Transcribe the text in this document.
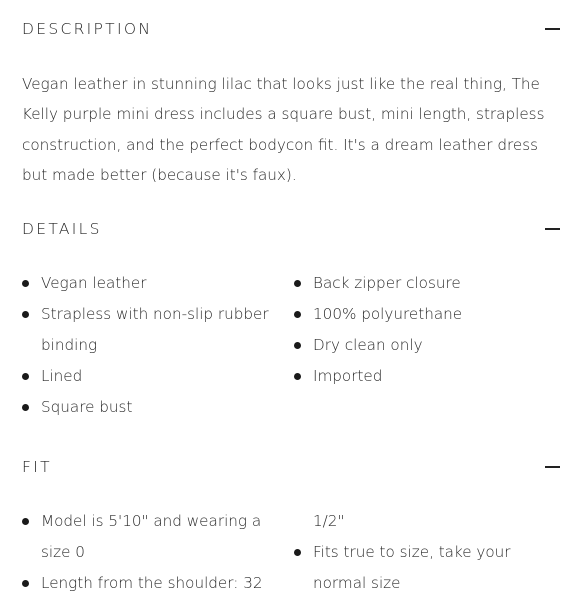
DESCRIPTION

Vegan leather in stunning lilac that looks just like the real thing, The Kelly purple mini dress includes a square bust, mini length, strapless construction, and the perfect bodycon fit. It's a dream leather dress but made better (because it's faux).

DETAILS
Vegan leather
Strapless with non-slip rubber binding
Lined
Square bust
Back zipper closure
100% polyurethane
Dry clean only
Imported
FIT
Model is 5'10" and wearing a size 0
Length from the shoulder: 32
1/2"
Fits true to size, take your normal size
